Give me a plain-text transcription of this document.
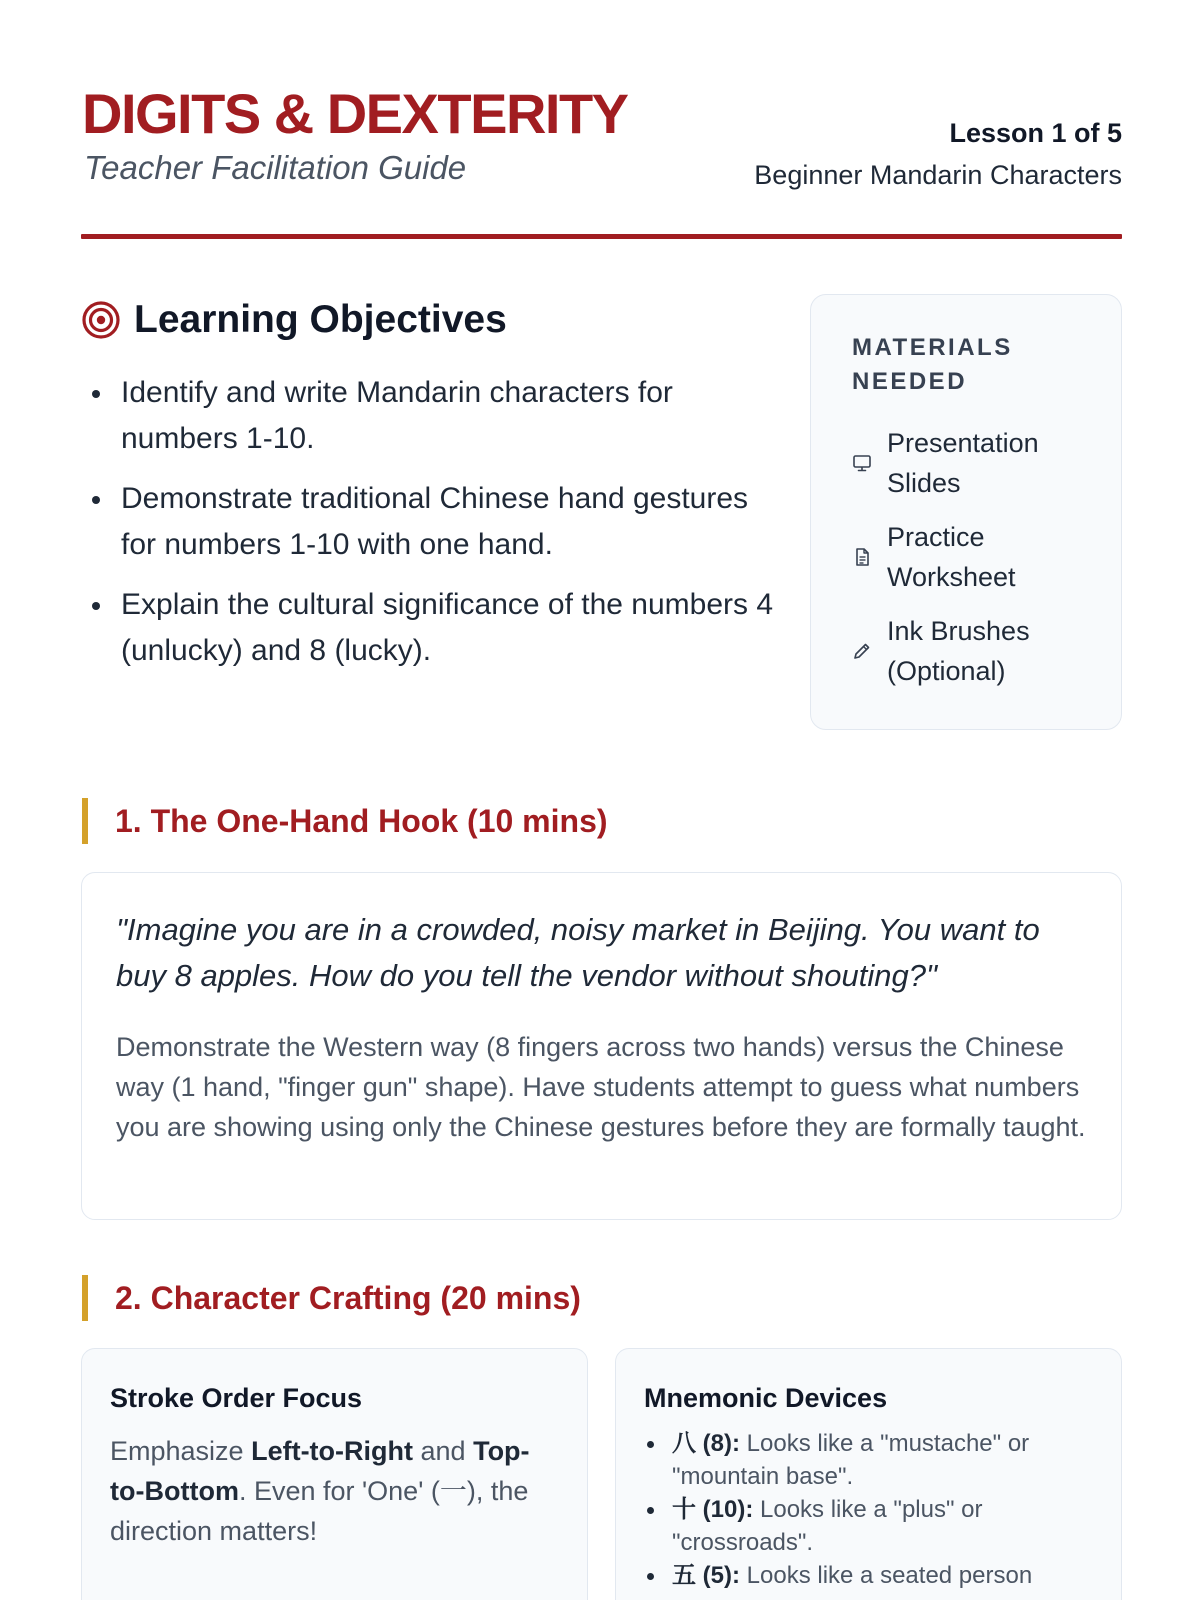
DIGITS & DEXTERITY
Teacher Facilitation Guide
Lesson 1 of 5
Beginner Mandarin Characters
Learning Objectives
Identify and write Mandarin characters for numbers 1-10.
Demonstrate traditional Chinese hand gestures for numbers 1-10 with one hand.
Explain the cultural significance of the numbers 4 (unlucky) and 8 (lucky).
MATERIALS NEEDED
Presentation Slides
Practice Worksheet
Ink Brushes (Optional)
1. The One-Hand Hook (10 mins)

"Imagine you are in a crowded, noisy market in Beijing. You want to buy 8 apples. How do you tell the vendor without shouting?"

Demonstrate the Western way (8 fingers across two hands) versus the Chinese way (1 hand, "finger gun" shape). Have students attempt to guess what numbers you are showing using only the Chinese gestures before they are formally taught.

2. Character Crafting (20 mins)
Stroke Order Focus

Emphasize Left-to-Right and Top-to-Bottom. Even for 'One' (一), the direction matters!

Mnemonic Devices
八 (8): Looks like a "mustache" or "mountain base".
十 (10): Looks like a "plus" or "crossroads".
五 (5): Looks like a seated person
